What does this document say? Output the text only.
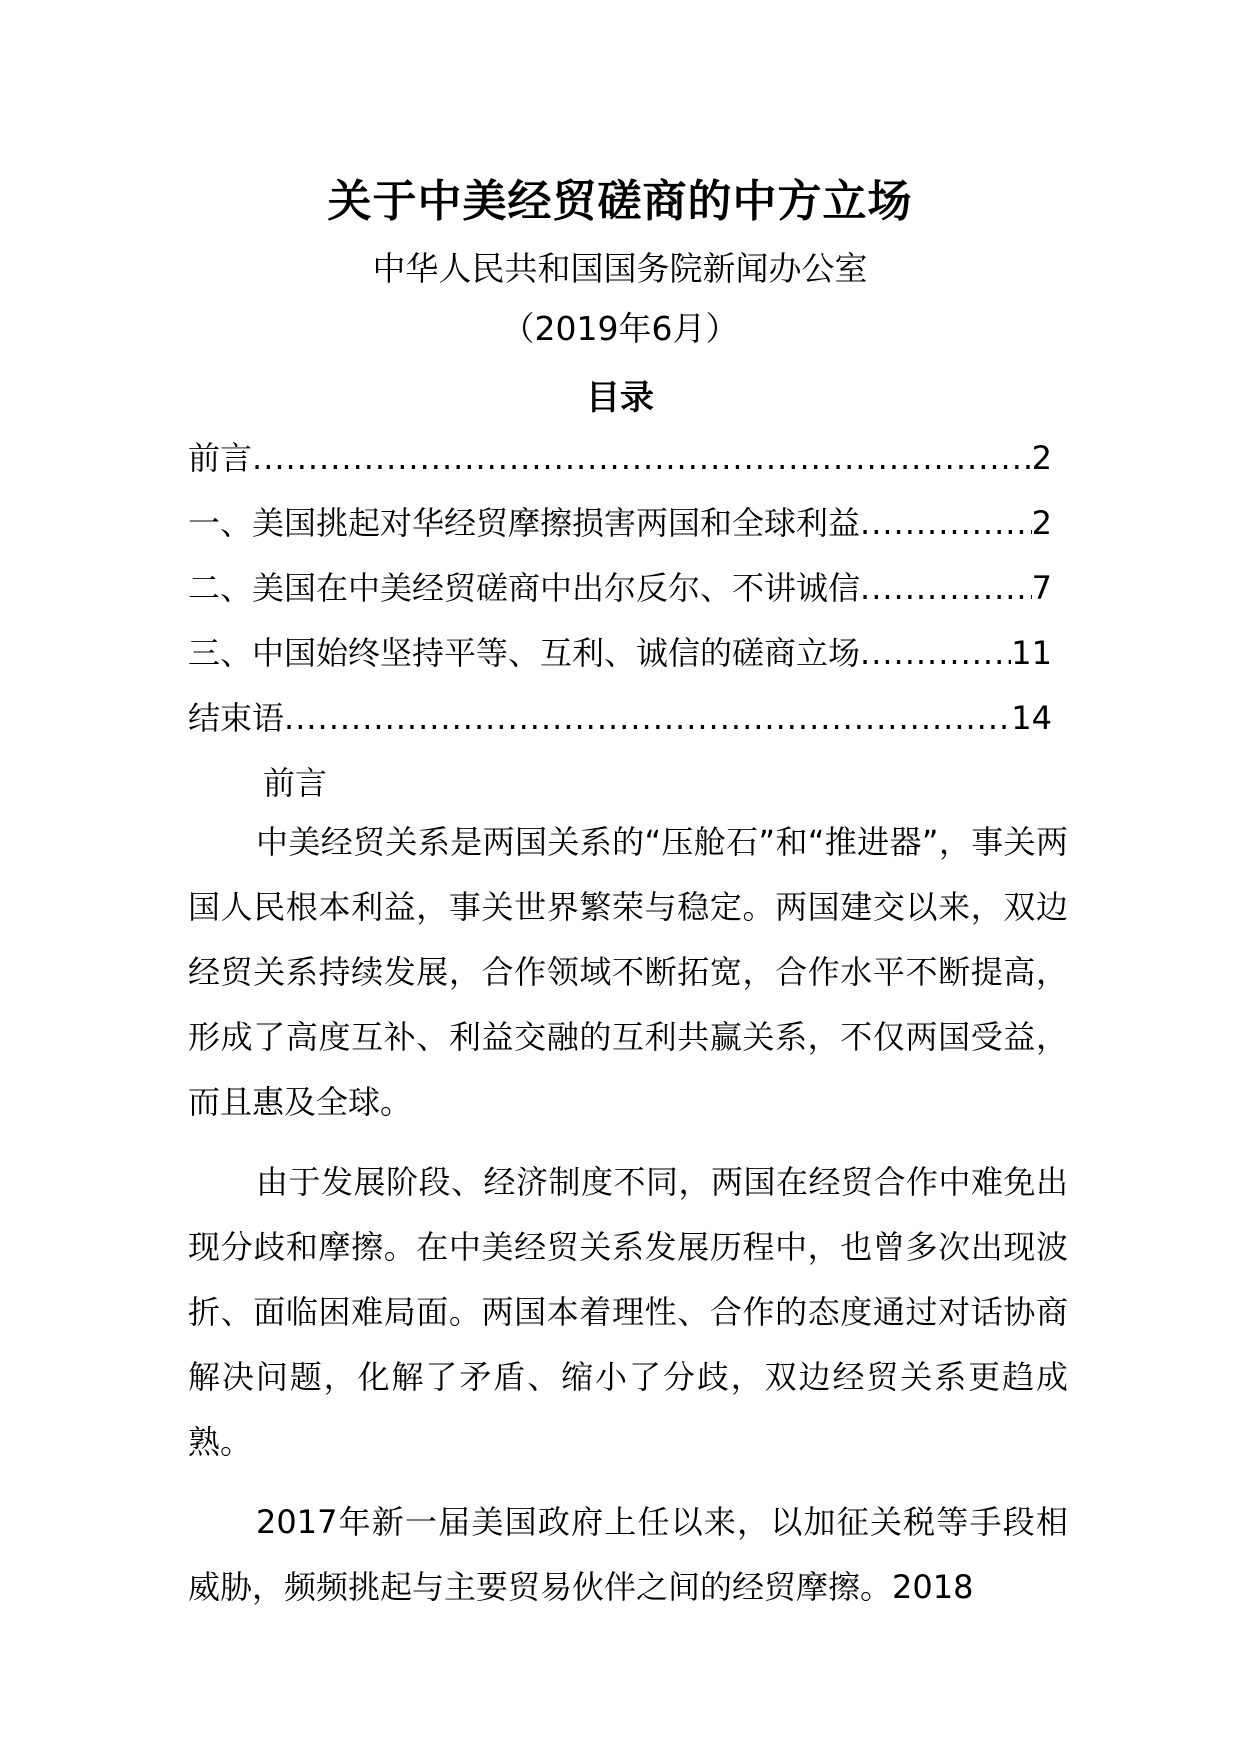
关于中美经贸磋商的中方立场
中华人民共和国国务院新闻办公室
（2019年6月）
目录
前言 .....	2
一、美国挑起对华经贸摩擦损害两国和全球利益 .....	2
二、美国在中美经贸磋商中出尔反尔、不讲诚信 .....	7
三、中国始终坚持平等、互利、诚信的磋商立场 .....	11
结束语 .....	14
前言

中美经贸关系是两国关系的“压舱石”和“推进器”，事关两国人民根本利益，事关世界繁荣与稳定。两国建交以来，双边经贸关系持续发展，合作领域不断拓宽，合作水平不断提高，形成了高度互补、利益交融的互利共赢关系，不仅两国受益，而且惠及全球。

由于发展阶段、经济制度不同，两国在经贸合作中难免出现分歧和摩擦。在中美经贸关系发展历程中，也曾多次出现波折、面临困难局面。两国本着理性、合作的态度通过对话协商解决问题，化解了矛盾、缩小了分歧，双边经贸关系更趋成熟。

2017年新一届美国政府上任以来，以加征关税等手段相威胁，频频挑起与主要贸易伙伴之间的经贸摩擦。2018
